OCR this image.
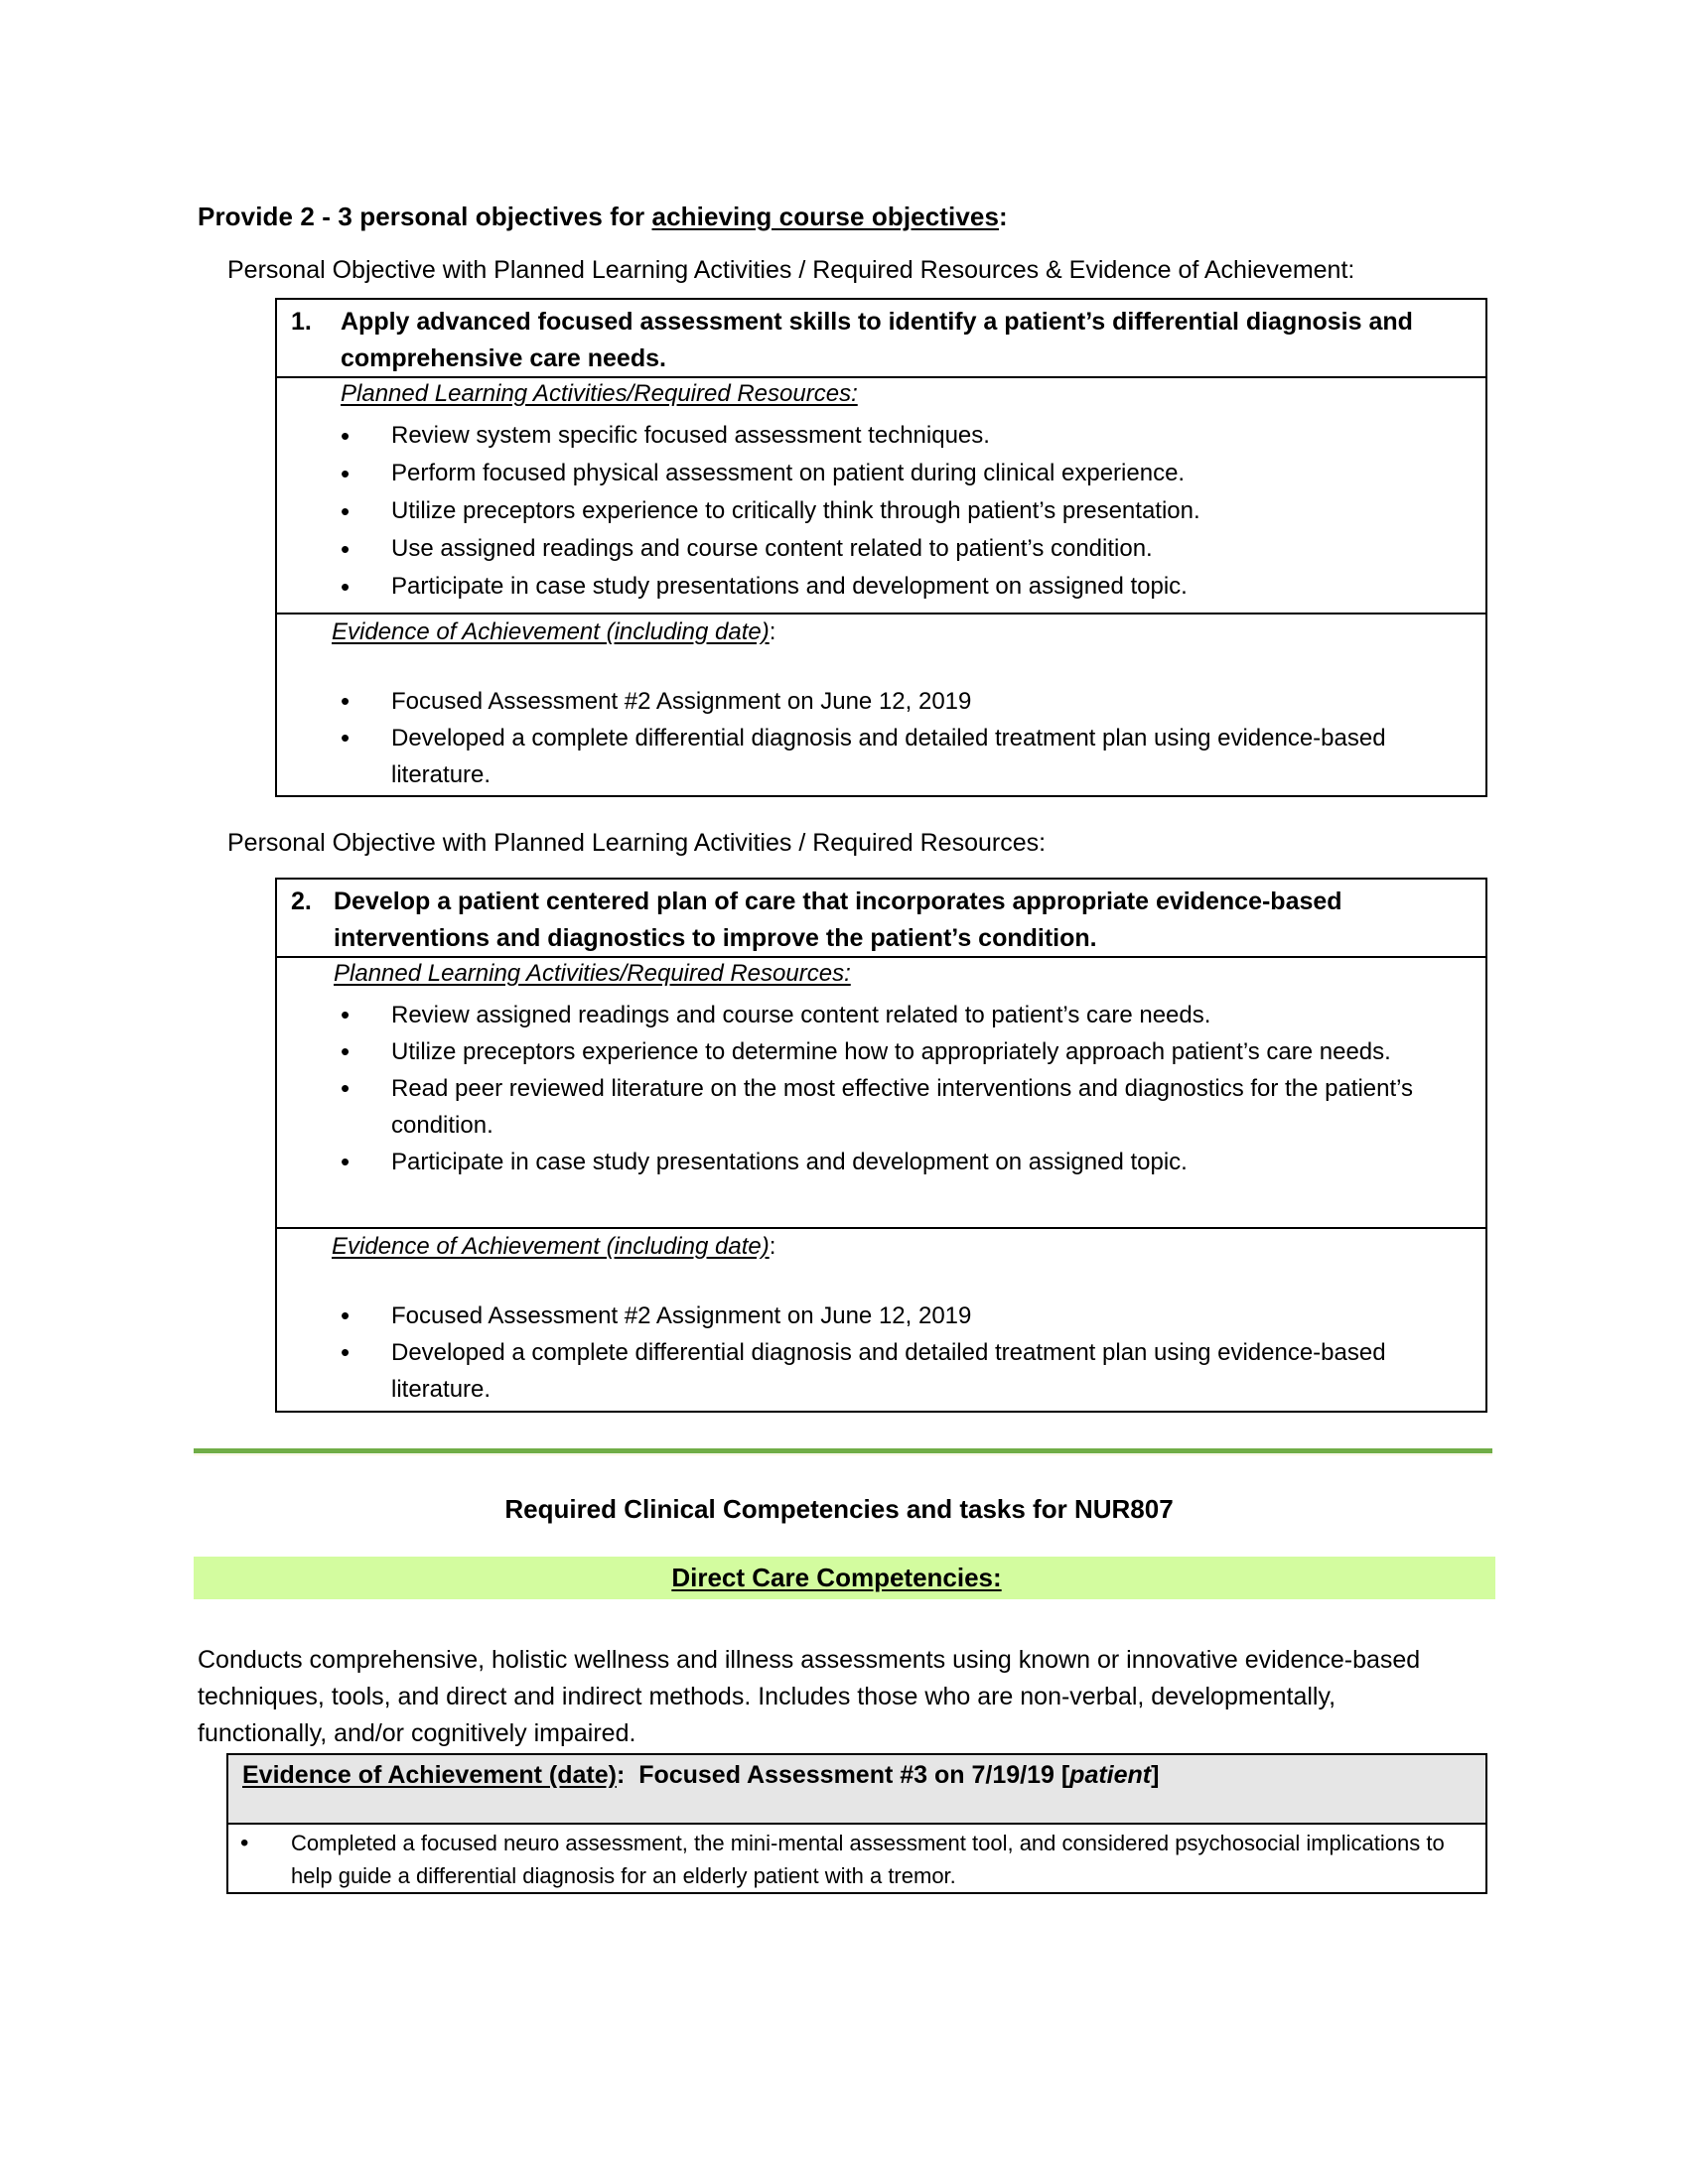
Provide 2 - 3 personal objectives for achieving course objectives:
Personal Objective with Planned Learning Activities / Required Resources & Evidence of Achievement:
1. Apply advanced focused assessment skills to identify a patient’s differential diagnosis and comprehensive care needs.
Planned Learning Activities/Required Resources:
• Review system specific focused assessment techniques.
• Perform focused physical assessment on patient during clinical experience.
• Utilize preceptors experience to critically think through patient’s presentation.
• Use assigned readings and course content related to patient’s condition.
• Participate in case study presentations and development on assigned topic.
Evidence of Achievement (including date):
• Focused Assessment #2 Assignment on June 12, 2019
• Developed a complete differential diagnosis and detailed treatment plan using evidence-based literature.
Personal Objective with Planned Learning Activities / Required Resources:
2. Develop a patient centered plan of care that incorporates appropriate evidence-based interventions and diagnostics to improve the patient’s condition.
Planned Learning Activities/Required Resources:
• Review assigned readings and course content related to patient’s care needs.
• Utilize preceptors experience to determine how to appropriately approach patient’s care needs.
• Read peer reviewed literature on the most effective interventions and diagnostics for the patient’s condition.
• Participate in case study presentations and development on assigned topic.
Evidence of Achievement (including date):
• Focused Assessment #2 Assignment on June 12, 2019
• Developed a complete differential diagnosis and detailed treatment plan using evidence-based literature.
Required Clinical Competencies and tasks for NUR807
Direct Care Competencies:
Conducts comprehensive, holistic wellness and illness assessments using known or innovative evidence-based techniques, tools, and direct and indirect methods. Includes those who are non-verbal, developmentally, functionally, and/or cognitively impaired.
Evidence of Achievement (date): Focused Assessment #3 on 7/19/19 [patient]
• Completed a focused neuro assessment, the mini-mental assessment tool, and considered psychosocial implications to help guide a differential diagnosis for an elderly patient with a tremor.
